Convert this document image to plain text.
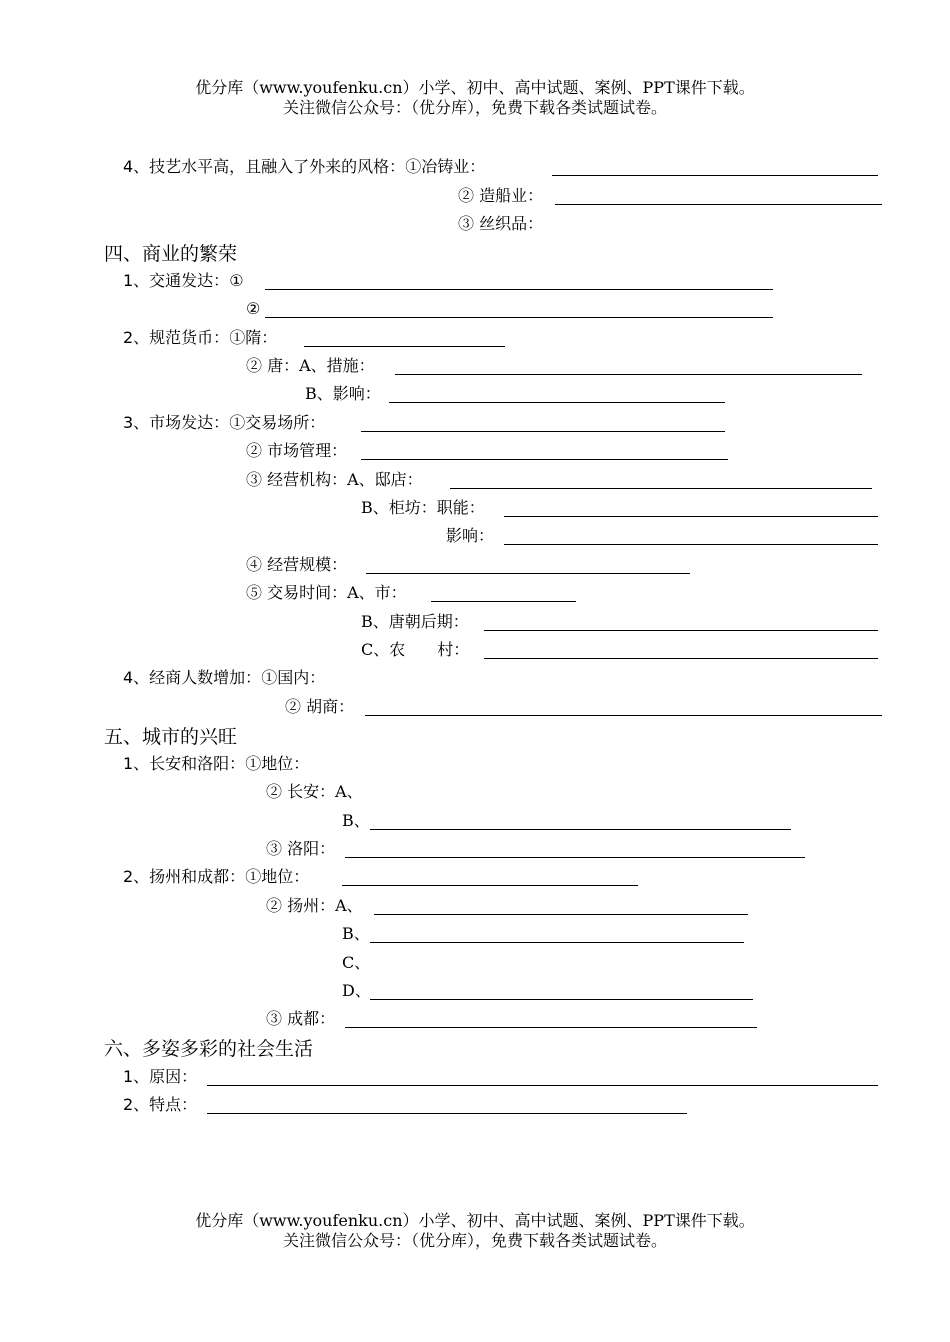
优分库（www.youfenku.cn）小学、初中、高中试题、案例、PPT课件下载。
关注微信公众号：（优分库），免费下载各类试题试卷。
4、技艺水平高，且融入了外来的风格：①冶铸业：
② 造船业：
③ 丝织品：
四、商业的繁荣
1、交通发达：①
②
2、规范货币：①隋：
② 唐：A、措施：
B、影响：
3、市场发达：①交易场所：
② 市场管理：
③ 经营机构：A、邸店：
B、柜坊：职能：
影响：
④ 经营规模：
⑤ 交易时间：A、市：
B、唐朝后期：
C、农　　村：
4、经商人数增加：①国内：
② 胡商：
五、城市的兴旺
1、长安和洛阳：①地位：
② 长安：A、
B、
③ 洛阳：
2、扬州和成都：①地位：
② 扬州：A、
B、
C、
D、
③ 成都：
六、多姿多彩的社会生活
1、原因：
2、特点：
优分库（www.youfenku.cn）小学、初中、高中试题、案例、PPT课件下载。
关注微信公众号：（优分库），免费下载各类试题试卷。
